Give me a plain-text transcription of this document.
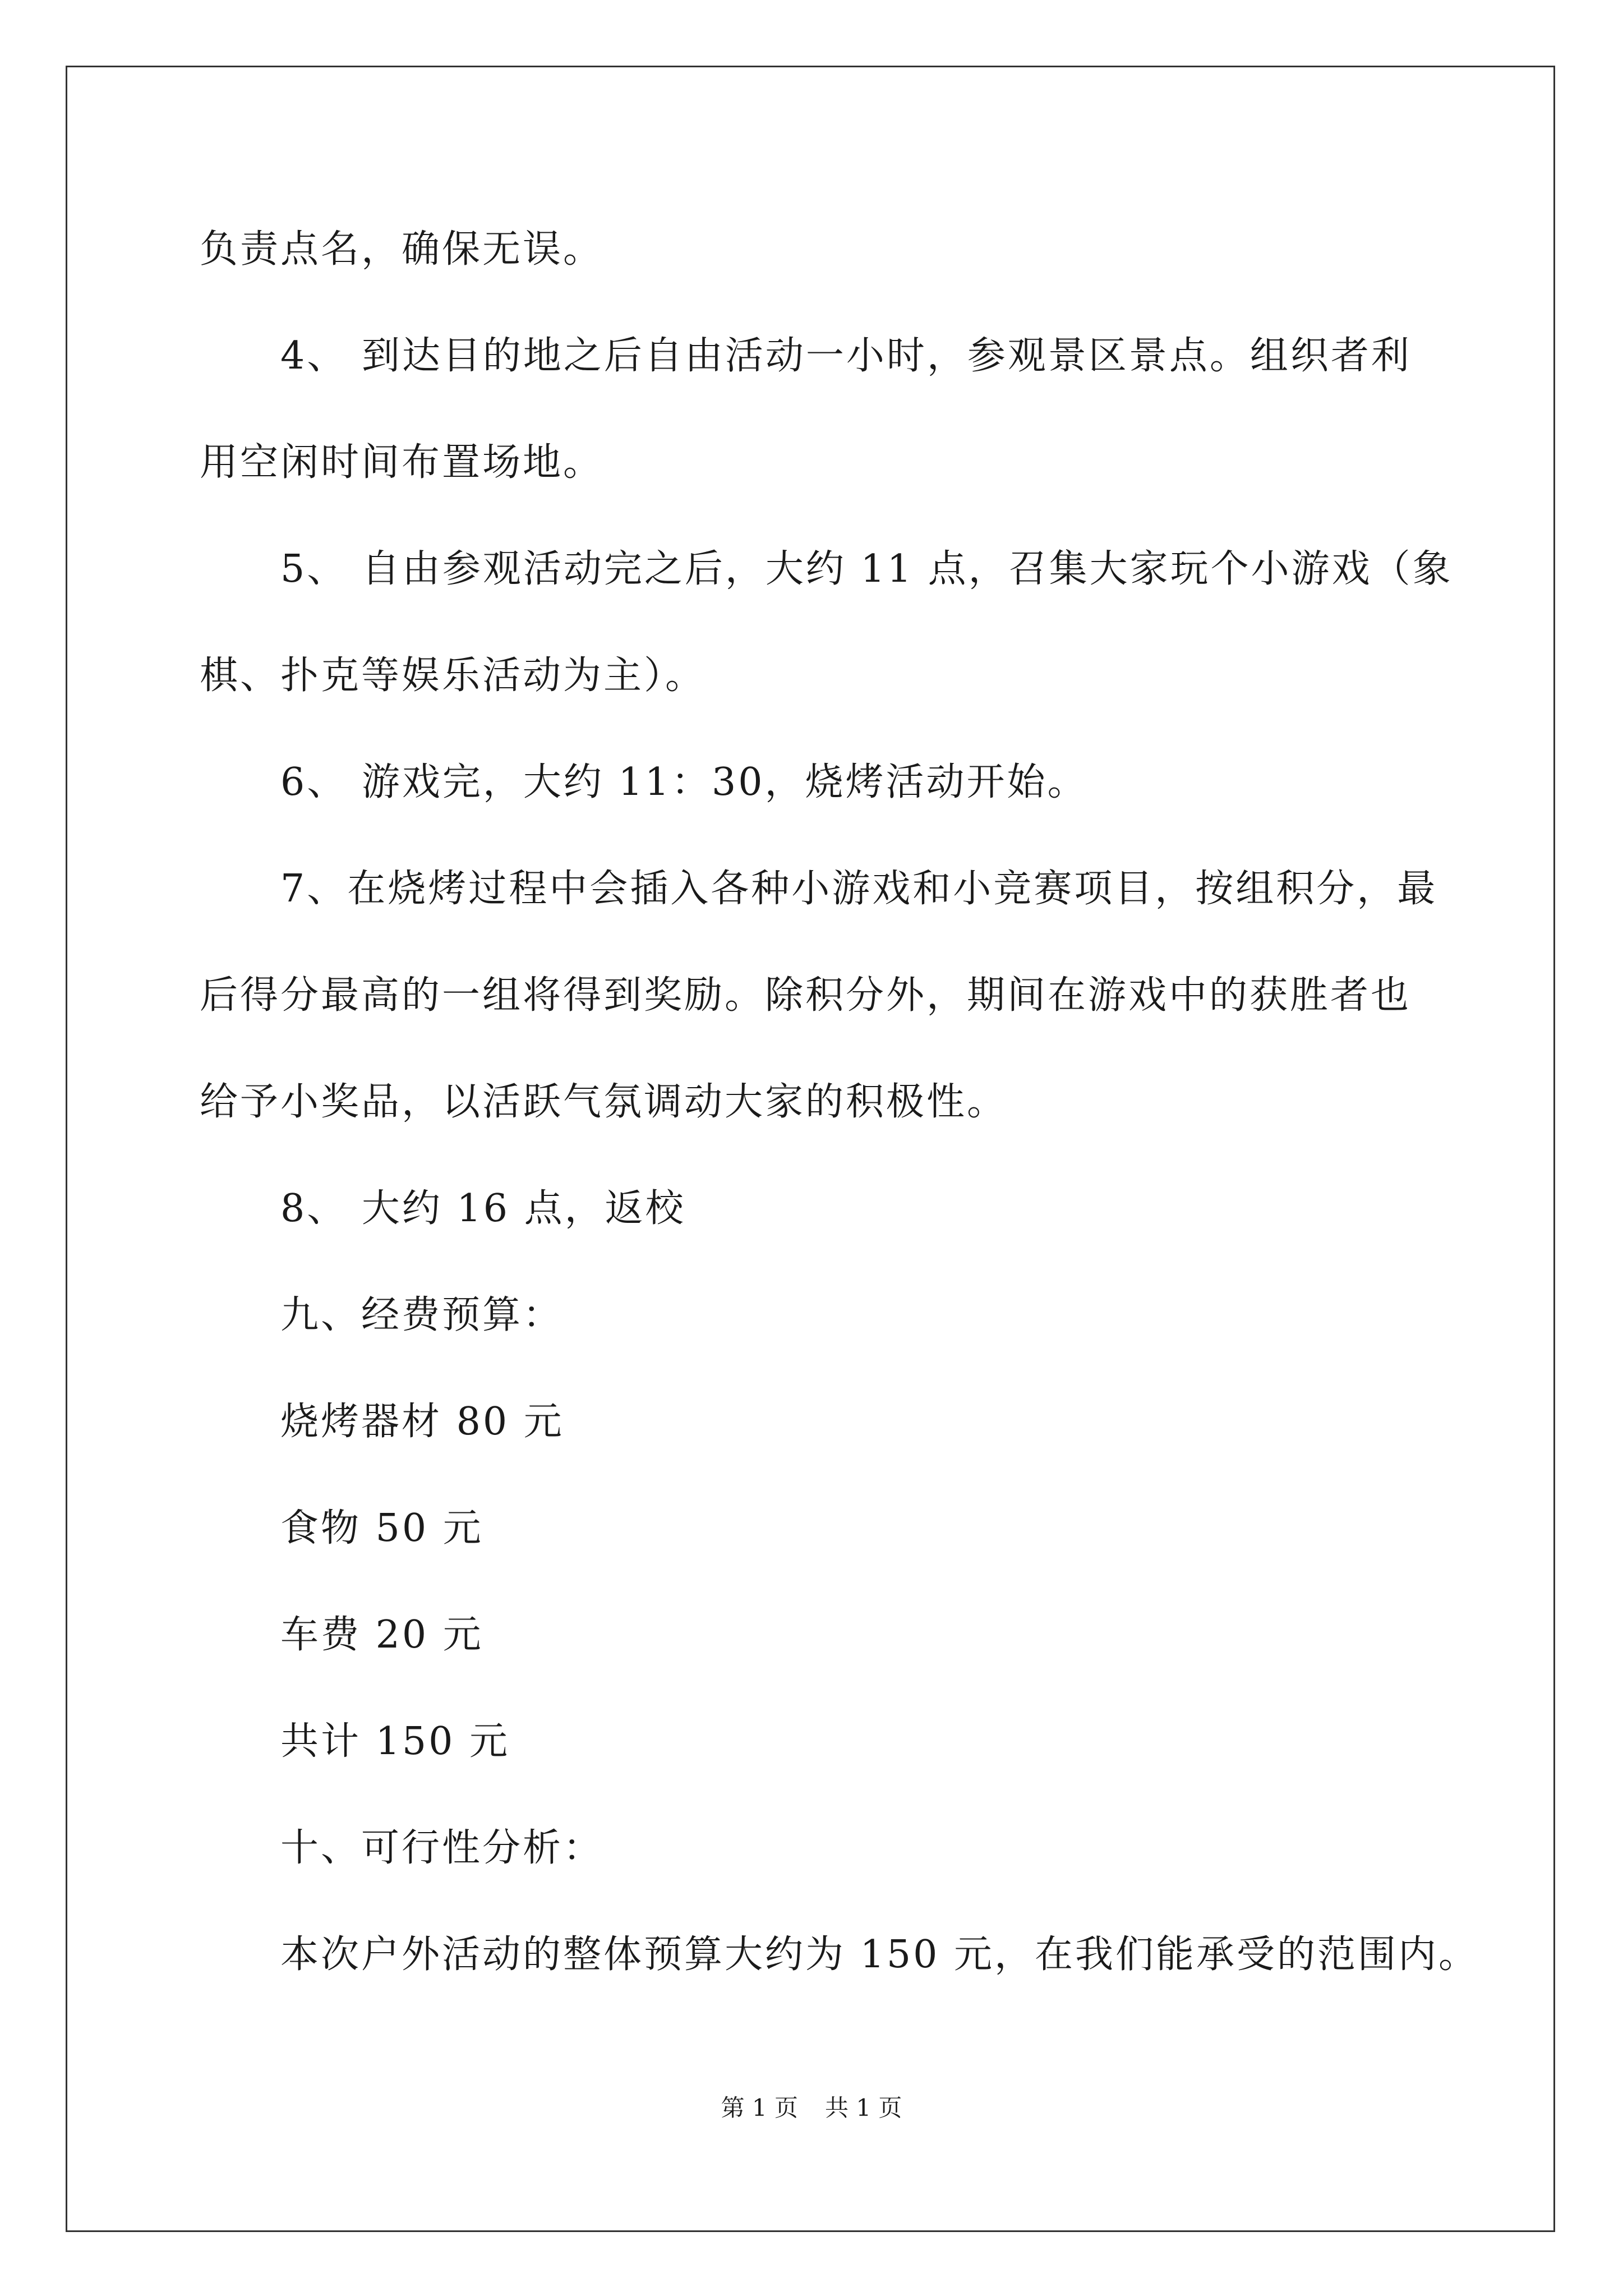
负责点名，确保无误。
4、 到达目的地之后自由活动一小时，参观景区景点。组织者利
用空闲时间布置场地。
5、 自由参观活动完之后，大约 11 点，召集大家玩个小游戏（象
棋、扑克等娱乐活动为主）。
6、 游戏完，大约 11：30，烧烤活动开始。
7、在烧烤过程中会插入各种小游戏和小竞赛项目，按组积分，最
后得分最高的一组将得到奖励。除积分外，期间在游戏中的获胜者也
给予小奖品，以活跃气氛调动大家的积极性。
8、 大约 16 点，返校
九、经费预算：
烧烤器材 80 元
食物 50 元
车费 20 元
共计 150 元
十、可行性分析：
本次户外活动的整体预算大约为 150 元，在我们能承受的范围内。
第 1 页 共 1 页
